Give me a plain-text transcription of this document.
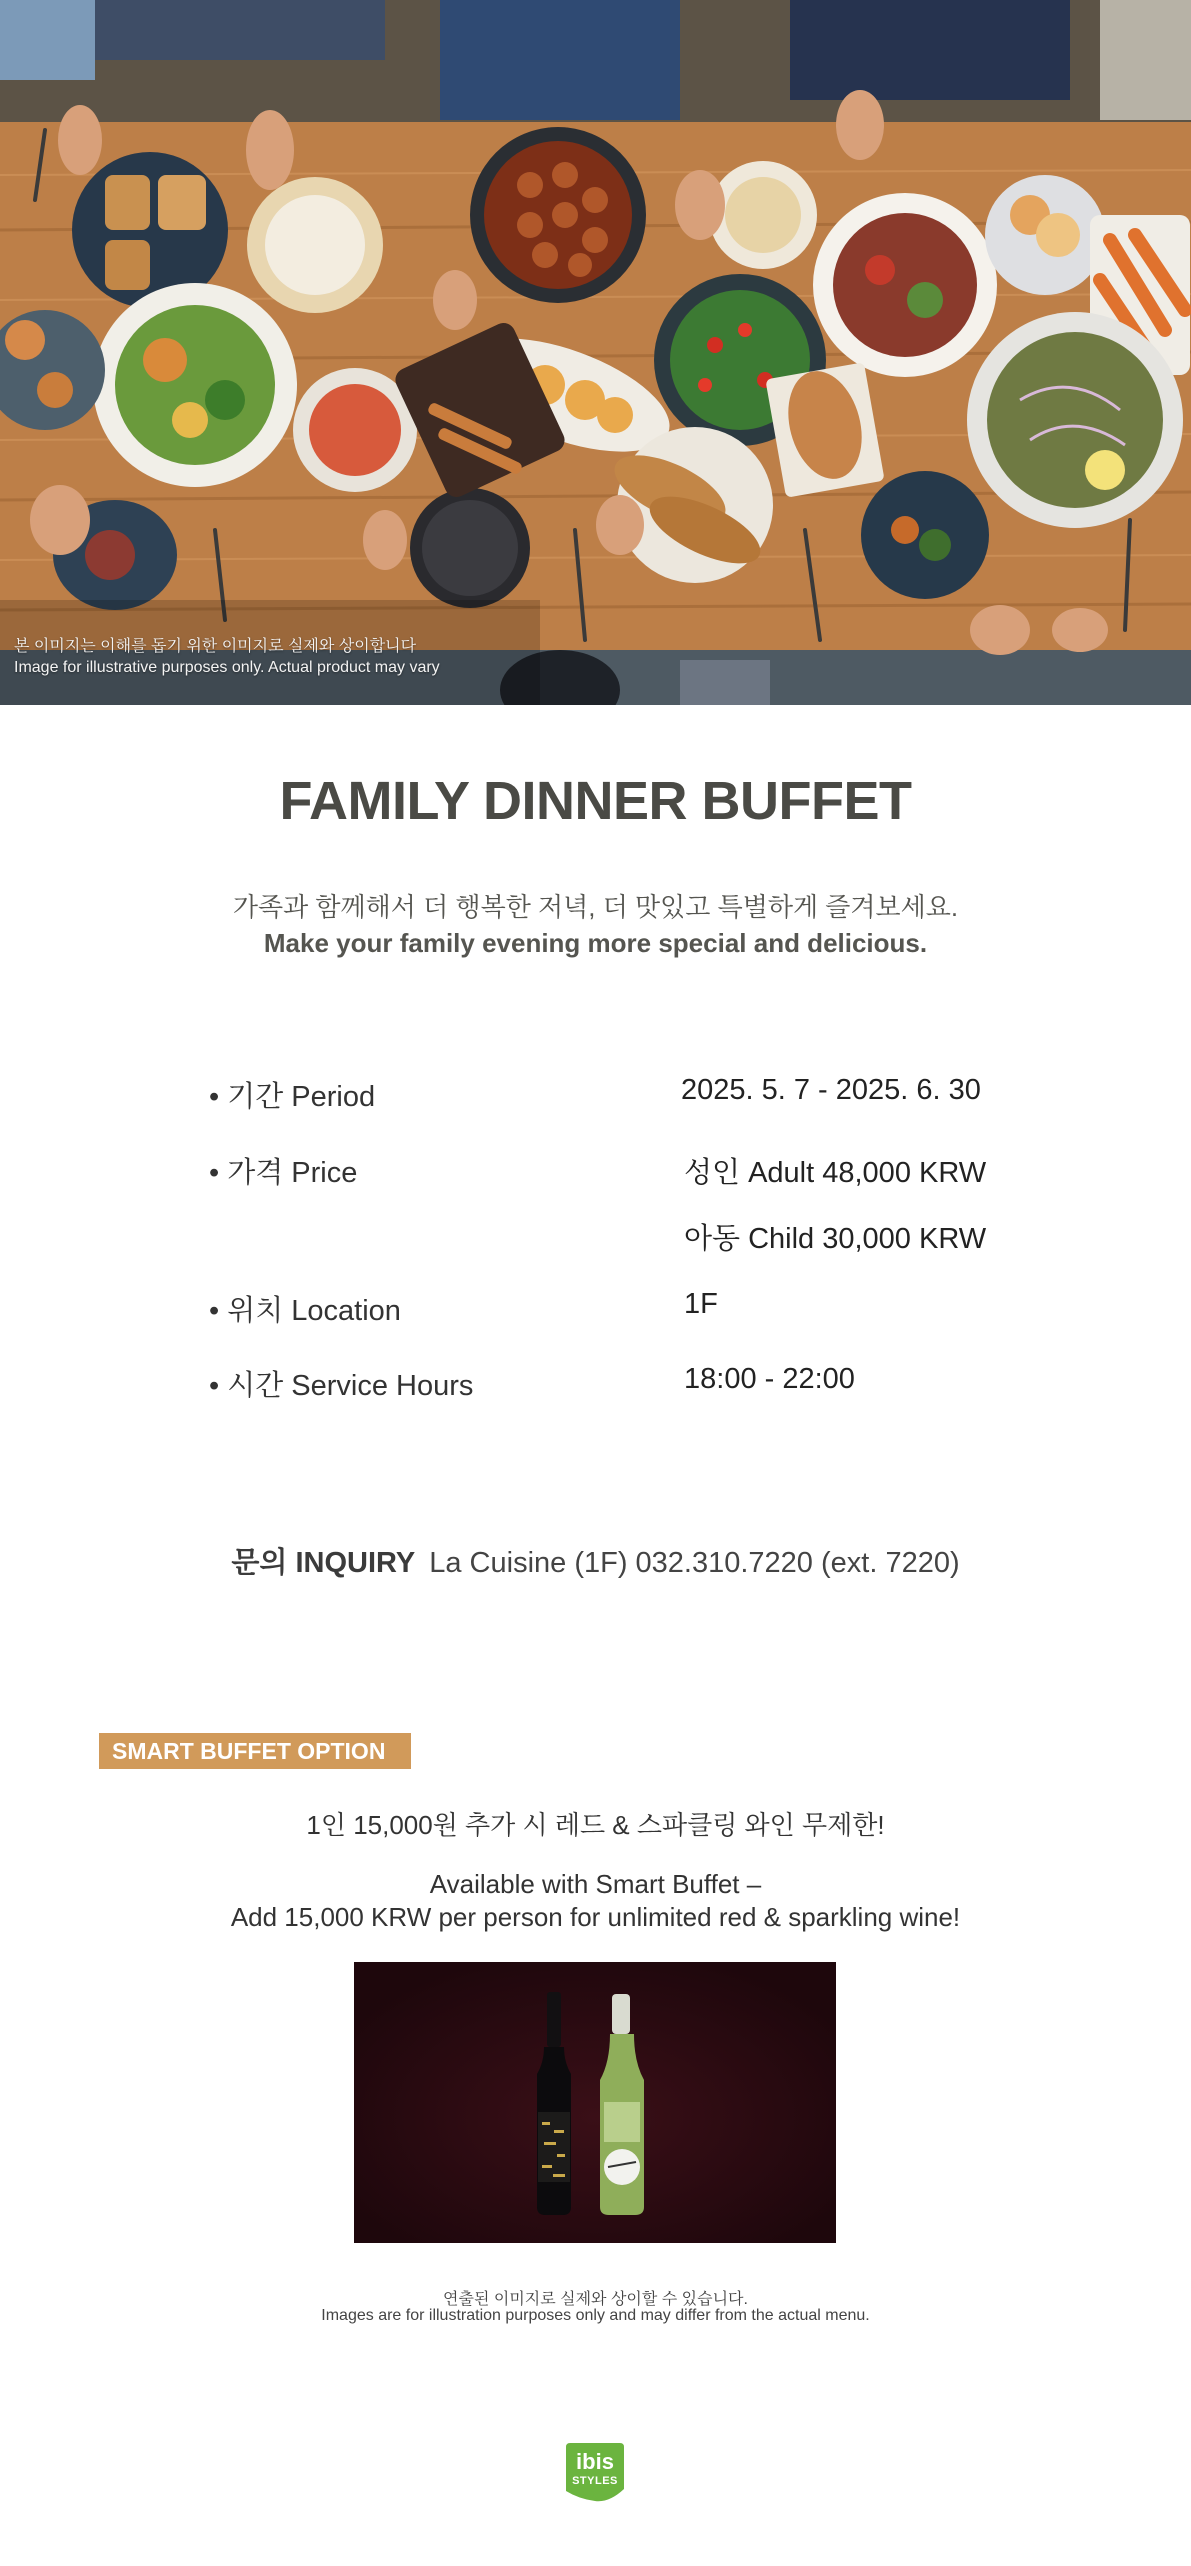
본 이미지는 이해를 돕기 위한 이미지로 실제와 상이합니다
Image for illustrative purposes only. Actual product may vary
FAMILY DINNER BUFFET
가족과 함께해서 더 행복한 저녁, 더 맛있고 특별하게 즐겨보세요.
Make your family evening more special and delicious.
• 기간 Period	2025. 5. 7 - 2025. 6. 30
• 가격 Price	성인 Adult 48,000 KRW
아동 Child 30,000 KRW
• 위치 Location	1F
• 시간 Service Hours	18:00 - 22:00
문의 INQUIRY La Cuisine (1F) 032.310.7220 (ext. 7220)
SMART BUFFET OPTION
1인 15,000원 추가 시 레드 & 스파클링 와인 무제한!
Available with Smart Buffet –
Add 15,000 KRW per person for unlimited red & sparkling wine!
연출된 이미지로 실제와 상이할 수 있습니다.
Images are for illustration purposes only and may differ from the actual menu.
ibis
STYLES
